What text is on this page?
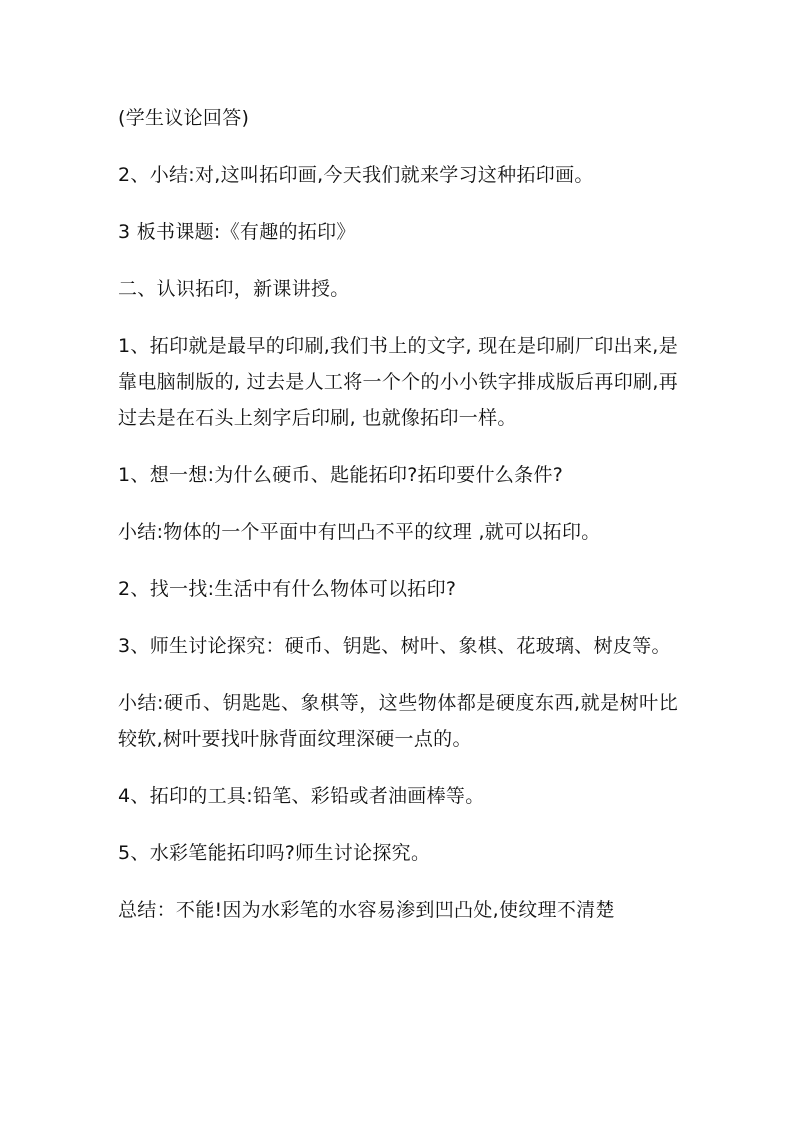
(学生议论回答)

2、小结:对,这叫拓印画,今天我们就来学习这种拓印画。

3 板书课题:《有趣的拓印》

二、认识拓印，新课讲授。

1、拓印就是最早的印刷,我们书上的文字, 现在是印刷厂印出来,是靠电脑制版的, 过去是人工将一个个的小小铁字排成版后再印刷,再过去是在石头上刻字后印刷, 也就像拓印一样。

1、想一想:为什么硬币、匙能拓印?拓印要什么条件?

小结:物体的一个平面中有凹凸不平的纹理 ,就可以拓印。

2、找一找:生活中有什么物体可以拓印?

3、师生讨论探究：硬币、钥匙、树叶、象棋、花玻璃、树皮等。

小结:硬币、钥匙匙、象棋等，这些物体都是硬度东西,就是树叶比较软,树叶要找叶脉背面纹理深硬一点的。

4、拓印的工具:铅笔、彩铅或者油画棒等。

5、水彩笔能拓印吗?师生讨论探究。

总结：不能!因为水彩笔的水容易渗到凹凸处,使纹理不清楚
